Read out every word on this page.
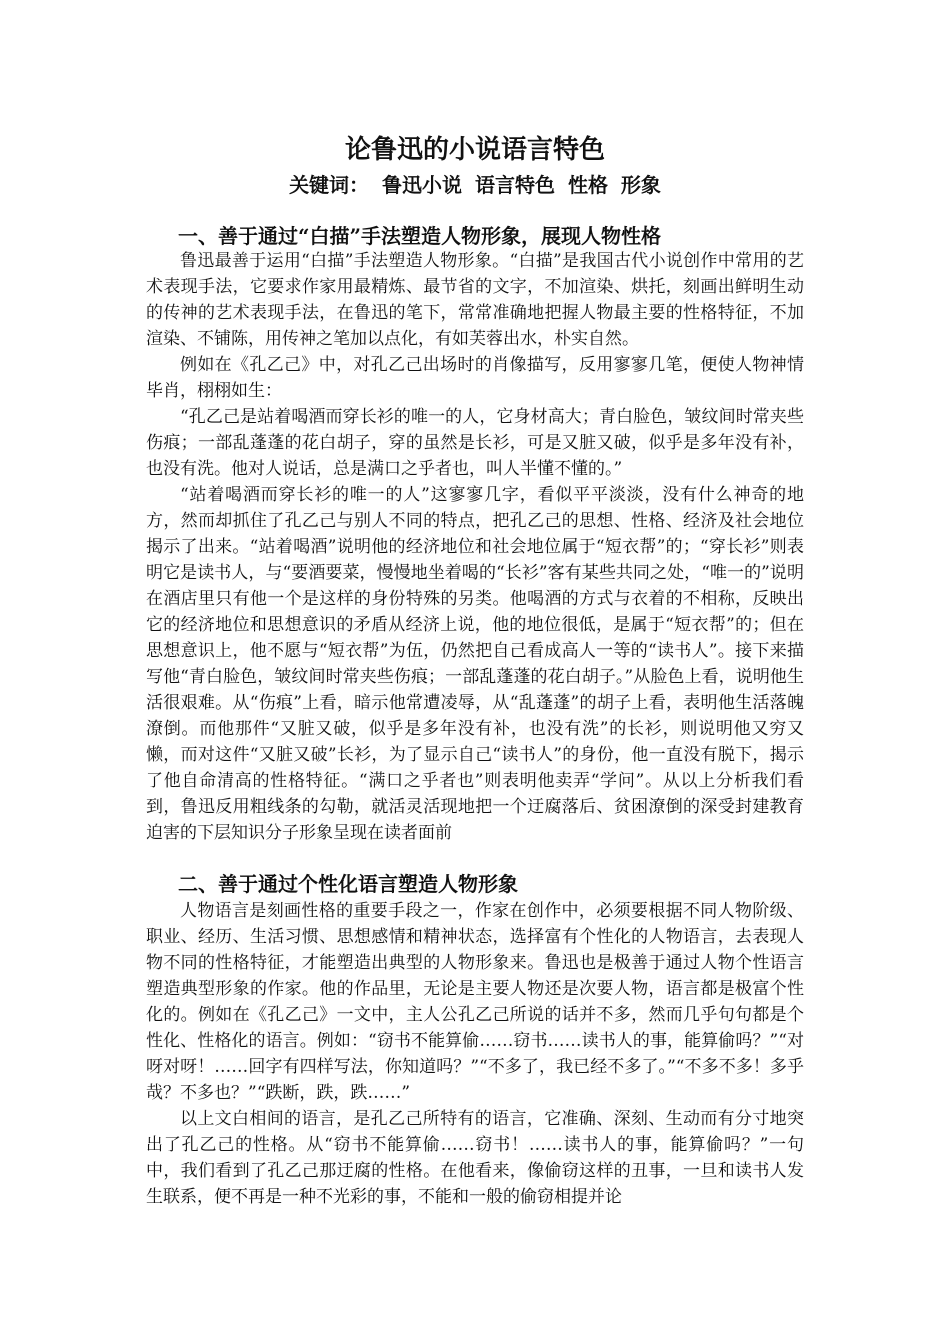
论鲁迅的小说语言特色
关键词： 鲁迅小说 语言特色 性格 形象
一、善于通过“白描”手法塑造人物形象，展现人物性格

鲁迅最善于运用“白描”手法塑造人物形象。“白描”是我国古代小说创作中常用的艺术表现手法，它要求作家用最精炼、最节省的文字，不加渲染、烘托，刻画出鲜明生动的传神的艺术表现手法，在鲁迅的笔下，常常准确地把握人物最主要的性格特征，不加渲染、不铺陈，用传神之笔加以点化，有如芙蓉出水，朴实自然。

例如在《孔乙己》中，对孔乙己出场时的肖像描写，反用寥寥几笔，便使人物神情毕肖，栩栩如生：

“孔乙己是站着喝酒而穿长衫的唯一的人，它身材高大；青白脸色，皱纹间时常夹些伤痕；一部乱蓬蓬的花白胡子，穿的虽然是长衫，可是又脏又破，似乎是多年没有补，也没有洗。他对人说话，总是满口之乎者也，叫人半懂不懂的。”

“站着喝酒而穿长衫的唯一的人”这寥寥几字，看似平平淡淡，没有什么神奇的地方，然而却抓住了孔乙己与别人不同的特点，把孔乙己的思想、性格、经济及社会地位揭示了出来。“站着喝酒”说明他的经济地位和社会地位属于“短衣帮”的；“穿长衫”则表明它是读书人，与“要酒要菜，慢慢地坐着喝的“长衫”客有某些共同之处，“唯一的”说明在酒店里只有他一个是这样的身份特殊的另类。他喝酒的方式与衣着的不相称，反映出它的经济地位和思想意识的矛盾从经济上说，他的地位很低，是属于“短衣帮”的；但在思想意识上，他不愿与“短衣帮”为伍，仍然把自己看成高人一等的“读书人”。接下来描写他“青白脸色，皱纹间时常夹些伤痕；一部乱蓬蓬的花白胡子。”从脸色上看，说明他生活很艰难。从“伤痕”上看，暗示他常遭凌辱，从“乱蓬蓬”的胡子上看，表明他生活落魄潦倒。而他那件“又脏又破，似乎是多年没有补，也没有洗”的长衫，则说明他又穷又懒，而对这件“又脏又破”长衫，为了显示自己“读书人”的身份，他一直没有脱下，揭示了他自命清高的性格特征。“满口之乎者也”则表明他卖弄“学问”。从以上分析我们看到，鲁迅反用粗线条的勾勒，就活灵活现地把一个迂腐落后、贫困潦倒的深受封建教育迫害的下层知识分子形象呈现在读者面前

二、善于通过个性化语言塑造人物形象

人物语言是刻画性格的重要手段之一，作家在创作中，必须要根据不同人物阶级、职业、经历、生活习惯、思想感情和精神状态，选择富有个性化的人物语言，去表现人物不同的性格特征，才能塑造出典型的人物形象来。鲁迅也是极善于通过人物个性语言塑造典型形象的作家。他的作品里，无论是主要人物还是次要人物，语言都是极富个性化的。例如在《孔乙己》一文中，主人公孔乙己所说的话并不多，然而几乎句句都是个性化、性格化的语言。例如：“窃书不能算偷……窃书……读书人的事，能算偷吗？”“对呀对呀！……回字有四样写法，你知道吗？”“不多了，我已经不多了。”“不多不多！多乎哉？不多也？”“跌断，跌，跌……”

以上文白相间的语言，是孔乙己所特有的语言，它准确、深刻、生动而有分寸地突出了孔乙己的性格。从“窃书不能算偷……窃书！……读书人的事，能算偷吗？”一句中，我们看到了孔乙己那迂腐的性格。在他看来，像偷窃这样的丑事，一旦和读书人发生联系，便不再是一种不光彩的事，不能和一般的偷窃相提并论
